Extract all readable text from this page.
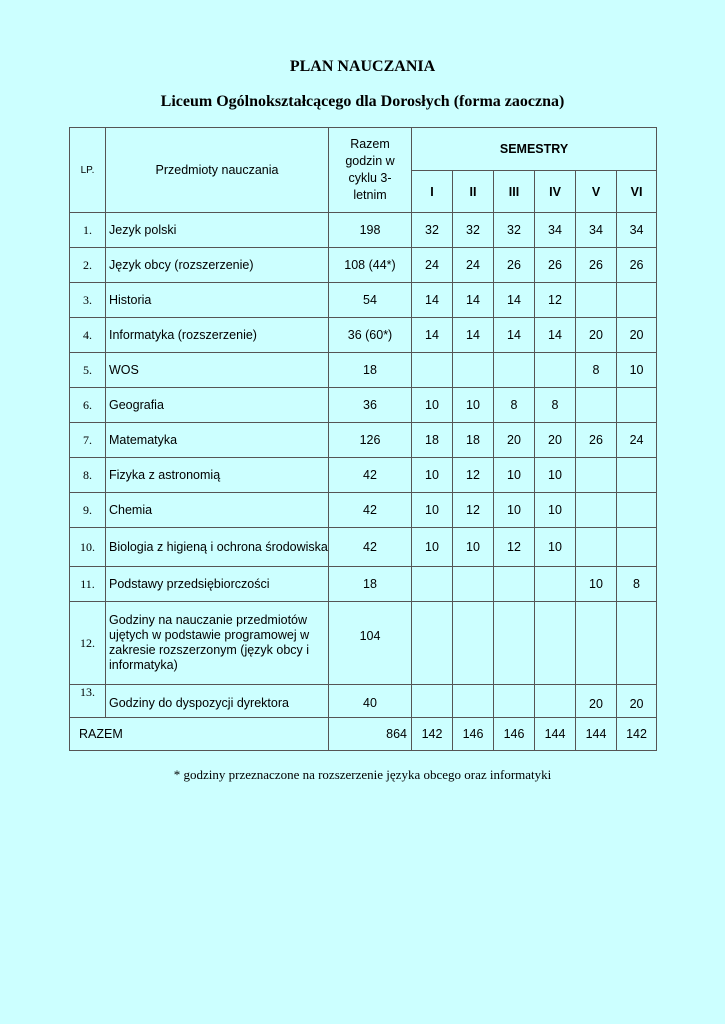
PLAN NAUCZANIA
Liceum Ogólnokształcącego dla Dorosłych (forma zaoczna)
LP.	Przedmioty nauczania	Razem godzin w cyklu 3-letnim	SEMESTRY					
			I	II	III	IV	V	VI
1.	Jezyk polski	198	32	32	32	34	34	34
2.	Język obcy (rozszerzenie)	108 (44*)	24	24	26	26	26	26
3.	Historia	54	14	14	14	12		
4.	Informatyka (rozszerzenie)	36 (60*)	14	14	14	14	20	20
5.	WOS	18					8	10
6.	Geografia	36	10	10	8	8		
7.	Matematyka	126	18	18	20	20	26	24
8.	Fizyka z astronomią	42	10	12	10	10		
9.	Chemia	42	10	12	10	10		
10.	Biologia z higieną i ochrona środowiska	42	10	10	12	10		
11.	Podstawy przedsiębiorczości	18					10	8
12.	Godziny na nauczanie przedmiotów ujętych w podstawie programowej w zakresie rozszerzonym (język obcy i informatyka)	104						
13.	Godziny do dyspozycji dyrektora	40					20	20
RAZEM		864	142	146	146	144	144	142
* godziny przeznaczone na rozszerzenie języka obcego oraz informatyki
